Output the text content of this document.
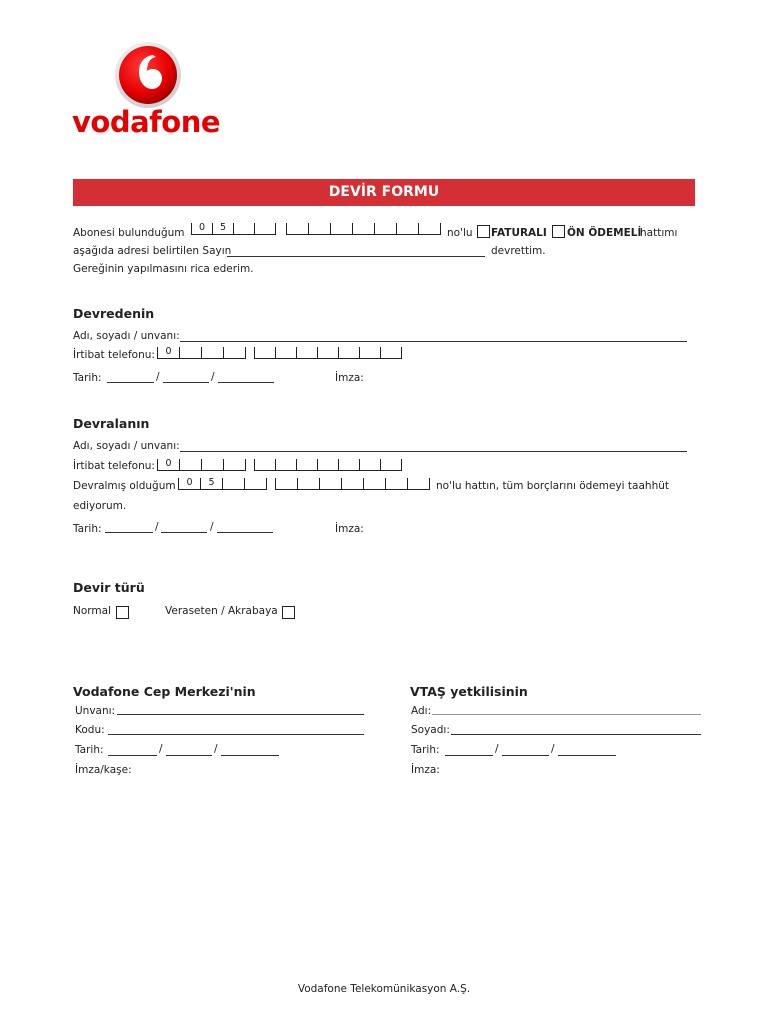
vodafone
DEVİR FORMU
Abonesi bulunduğum	0	5	no'lu FATURALI ÖN ÖDEMELİ
hattımı
aşağıda adresi belirtilen Sayın	devrettim.
Gereğinin yapılmasını rica ederim.
Devredenin
Adı, soyadı / unvanı:
İrtibat telefonu:	0
Tarih:	/	/	İmza:
Devralanın
Adı, soyadı / unvanı:
İrtibat telefonu:	0
Devralmış olduğum	0	5	no'lu hattın, tüm borçlarını ödemeyi taahhüt
ediyorum.
Tarih:	/	/	İmza:
Devir türü
Normal	Veraseten / Akrabaya
Vodafone Cep Merkezi'nin
Unvanı:
Kodu:
Tarih:	/	/
İmza/kaşe:
VTAŞ yetkilisinin
Adı:
Soyadı:
Tarih:	/	/
İmza:
Vodafone Telekomünikasyon A.Ş.
